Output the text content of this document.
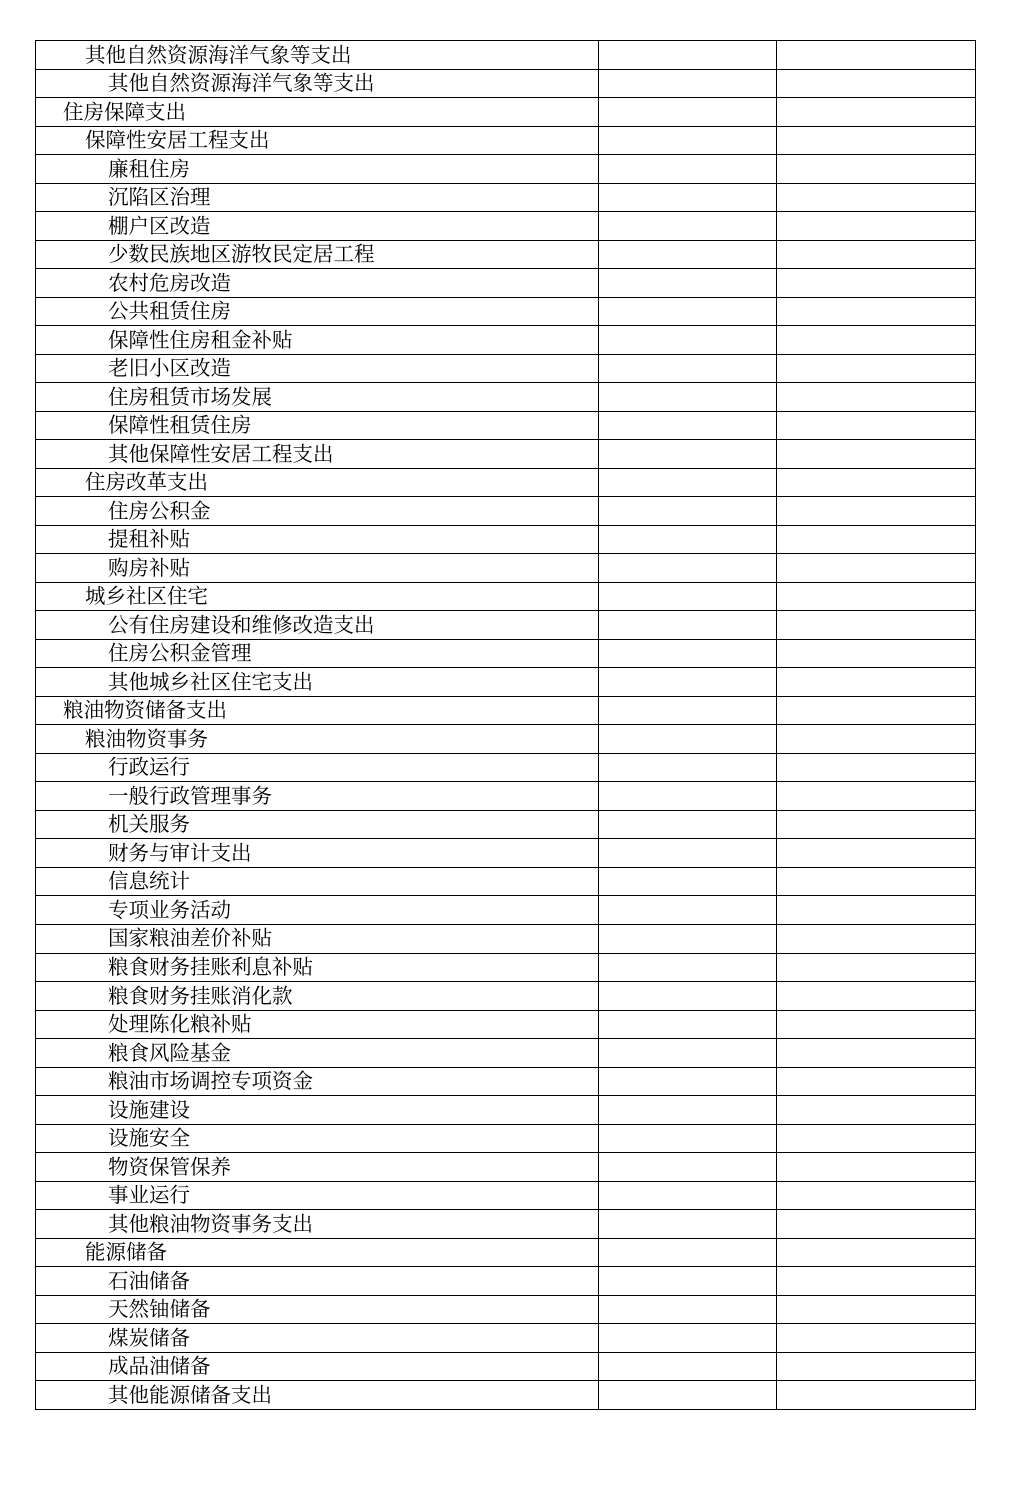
其他自然资源海洋气象等支出		
其他自然资源海洋气象等支出		
住房保障支出		
保障性安居工程支出		
廉租住房		
沉陷区治理		
棚户区改造		
少数民族地区游牧民定居工程		
农村危房改造		
公共租赁住房		
保障性住房租金补贴		
老旧小区改造		
住房租赁市场发展		
保障性租赁住房		
其他保障性安居工程支出		
住房改革支出		
住房公积金		
提租补贴		
购房补贴		
城乡社区住宅		
公有住房建设和维修改造支出		
住房公积金管理		
其他城乡社区住宅支出		
粮油物资储备支出		
粮油物资事务		
行政运行		
一般行政管理事务		
机关服务		
财务与审计支出		
信息统计		
专项业务活动		
国家粮油差价补贴		
粮食财务挂账利息补贴		
粮食财务挂账消化款		
处理陈化粮补贴		
粮食风险基金		
粮油市场调控专项资金		
设施建设		
设施安全		
物资保管保养		
事业运行		
其他粮油物资事务支出		
能源储备		
石油储备		
天然铀储备		
煤炭储备		
成品油储备		
其他能源储备支出		
